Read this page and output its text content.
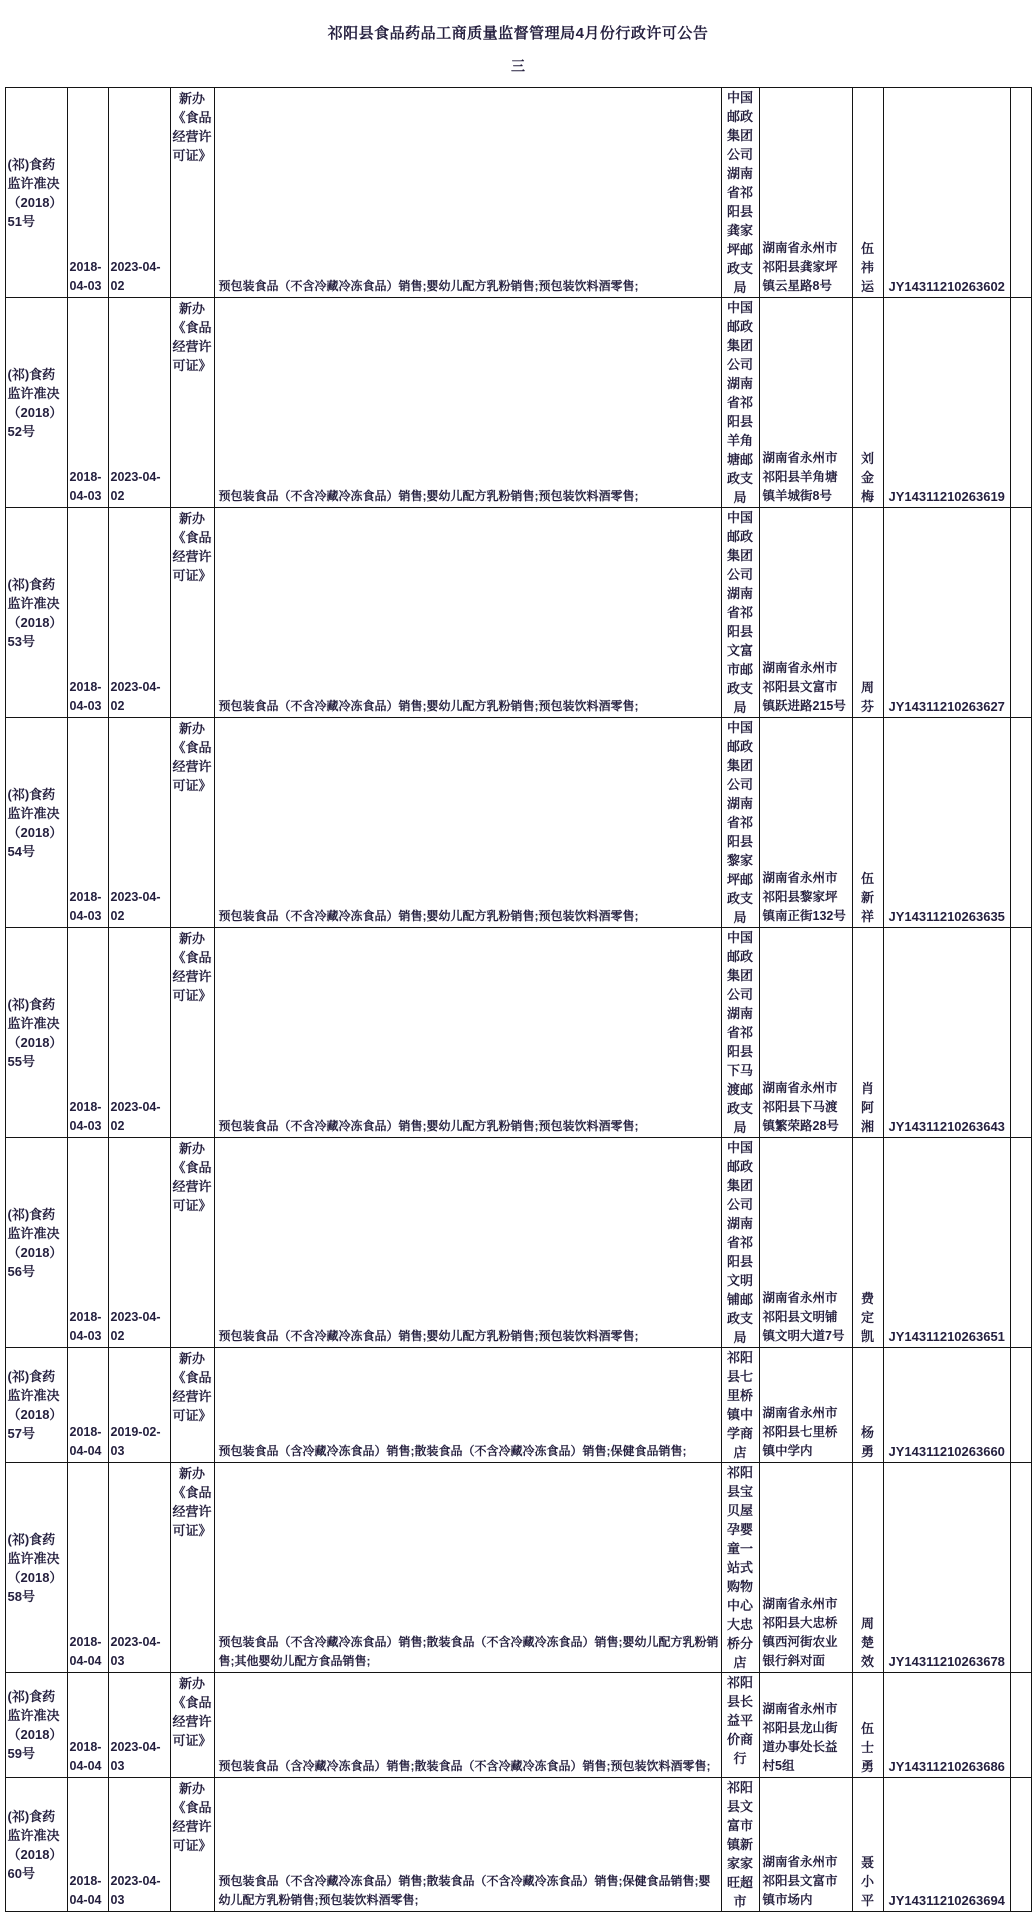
祁阳县食品药品工商质量监督管理局4月份行政许可公告
三
(祁)食药监许准决（2018）51号	2018-04-03	2023-04-02	新办《食品经营许可证》	预包装食品（不含冷藏冷冻食品）销售;婴幼儿配方乳粉销售;预包装饮料酒零售;	中国邮政集团公司湖南省祁阳县龚家坪邮政支局	湖南省永州市祁阳县龚家坪镇云星路8号	伍祎运	JY14311210263602	
(祁)食药监许准决（2018）52号	2018-04-03	2023-04-02	新办《食品经营许可证》	预包装食品（不含冷藏冷冻食品）销售;婴幼儿配方乳粉销售;预包装饮料酒零售;	中国邮政集团公司湖南省祁阳县羊角塘邮政支局	湖南省永州市祁阳县羊角塘镇羊城街8号	刘金梅	JY14311210263619	
(祁)食药监许准决（2018）53号	2018-04-03	2023-04-02	新办《食品经营许可证》	预包装食品（不含冷藏冷冻食品）销售;婴幼儿配方乳粉销售;预包装饮料酒零售;	中国邮政集团公司湖南省祁阳县文富市邮政支局	湖南省永州市祁阳县文富市镇跃进路215号	周芬	JY14311210263627	
(祁)食药监许准决（2018）54号	2018-04-03	2023-04-02	新办《食品经营许可证》	预包装食品（不含冷藏冷冻食品）销售;婴幼儿配方乳粉销售;预包装饮料酒零售;	中国邮政集团公司湖南省祁阳县黎家坪邮政支局	湖南省永州市祁阳县黎家坪镇南正街132号	伍新祥	JY14311210263635	
(祁)食药监许准决（2018）55号	2018-04-03	2023-04-02	新办《食品经营许可证》	预包装食品（不含冷藏冷冻食品）销售;婴幼儿配方乳粉销售;预包装饮料酒零售;	中国邮政集团公司湖南省祁阳县下马渡邮政支局	湖南省永州市祁阳县下马渡镇繁荣路28号	肖阿湘	JY14311210263643	
(祁)食药监许准决（2018）56号	2018-04-03	2023-04-02	新办《食品经营许可证》	预包装食品（不含冷藏冷冻食品）销售;婴幼儿配方乳粉销售;预包装饮料酒零售;	中国邮政集团公司湖南省祁阳县文明铺邮政支局	湖南省永州市祁阳县文明铺镇文明大道7号	费定凯	JY14311210263651	
(祁)食药监许准决（2018）57号	2018-04-04	2019-02-03	新办《食品经营许可证》	预包装食品（含冷藏冷冻食品）销售;散装食品（不含冷藏冷冻食品）销售;保健食品销售;	祁阳县七里桥镇中学商店	湖南省永州市祁阳县七里桥镇中学内	杨勇	JY14311210263660	
(祁)食药监许准决（2018）58号	2018-04-04	2023-04-03	新办《食品经营许可证》	预包装食品（不含冷藏冷冻食品）销售;散装食品（不含冷藏冷冻食品）销售;婴幼儿配方乳粉销售;其他婴幼儿配方食品销售;	祁阳县宝贝屋孕婴童一站式购物中心大忠桥分店	湖南省永州市祁阳县大忠桥镇西河街农业银行斜对面	周楚效	JY14311210263678	
(祁)食药监许准决（2018）59号	2018-04-04	2023-04-03	新办《食品经营许可证》	预包装食品（含冷藏冷冻食品）销售;散装食品（不含冷藏冷冻食品）销售;预包装饮料酒零售;	祁阳县长益平价商行	湖南省永州市祁阳县龙山街道办事处长益村5组	伍士勇	JY14311210263686	
(祁)食药监许准决（2018）60号	2018-04-04	2023-04-03	新办《食品经营许可证》	预包装食品（不含冷藏冷冻食品）销售;散装食品（不含冷藏冷冻食品）销售;保健食品销售;婴幼儿配方乳粉销售;预包装饮料酒零售;	祁阳县文富市镇新家家旺超市	湖南省永州市祁阳县文富市镇市场内	聂小平	JY14311210263694	
